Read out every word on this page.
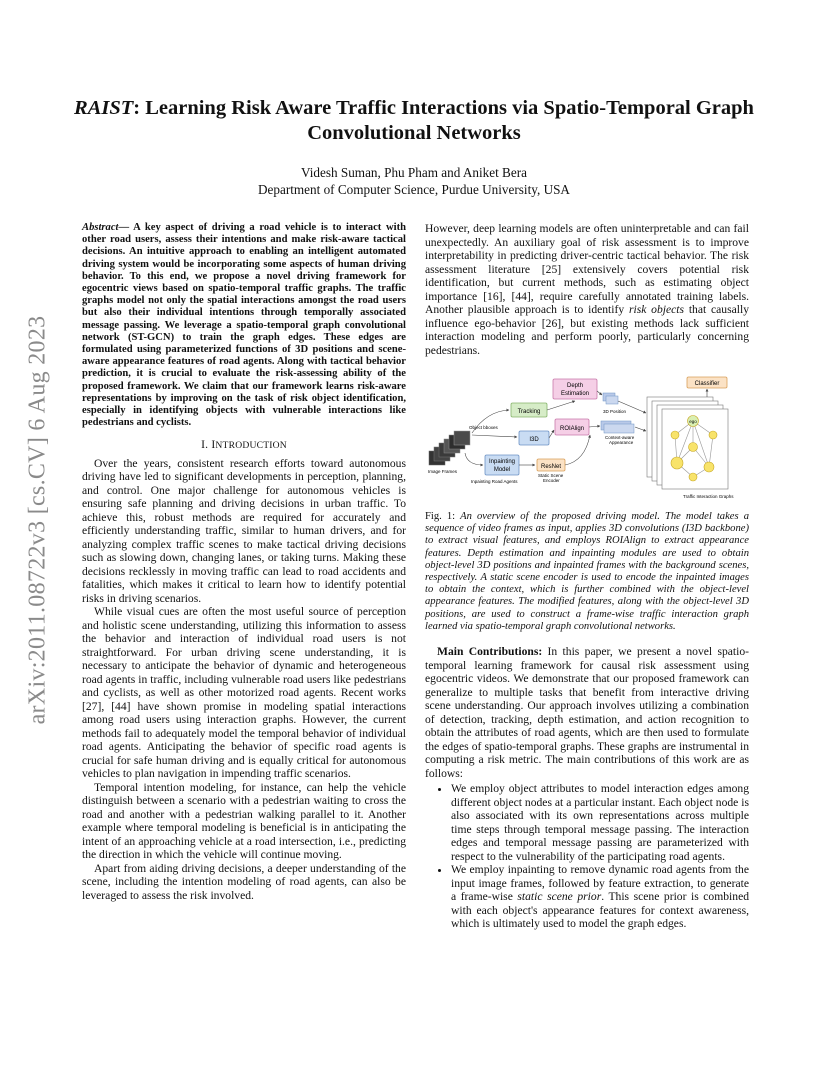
arXiv:2011.08722v3 [cs.CV] 6 Aug 2023
RAIST: Learning Risk Aware Traffic Interactions via Spatio-Temporal Graph Convolutional Networks
Videsh Suman, Phu Pham and Aniket Bera
Department of Computer Science, Purdue University, USA

Abstract— A key aspect of driving a road vehicle is to interact with other road users, assess their intentions and make risk-aware tactical decisions. An intuitive approach to enabling an intelligent automated driving system would be incorporating some aspects of human driving behavior. To this end, we propose a novel driving framework for egocentric views based on spatio-temporal traffic graphs. The traffic graphs model not only the spatial interactions amongst the road users but also their individual intentions through temporally associated message passing. We leverage a spatio-temporal graph convolutional network (ST-GCN) to train the graph edges. These edges are formulated using parameterized functions of 3D positions and scene-aware appearance features of road agents. Along with tactical behavior prediction, it is crucial to evaluate the risk-assessing ability of the proposed framework. We claim that our framework learns risk-aware representations by improving on the task of risk object identification, especially in identifying objects with vulnerable interactions like pedestrians and cyclists.

I. INTRODUCTION

Over the years, consistent research efforts toward autonomous driving have led to significant developments in perception, planning, and control. One major challenge for autonomous vehicles is ensuring safe planning and driving decisions in urban traffic. To achieve this, robust methods are required for accurately and efficiently understanding traffic, similar to human drivers, and for analyzing complex traffic scenes to make tactical driving decisions such as slowing down, changing lanes, or taking turns. Making these decisions recklessly in moving traffic can lead to road accidents and fatalities, which makes it critical to learn how to identify potential risks in driving scenarios.

While visual cues are often the most useful source of perception and holistic scene understanding, utilizing this information to assess the behavior and interaction of individual road users is not straightforward. For urban driving scene understanding, it is necessary to anticipate the behavior of dynamic and heterogeneous road agents in traffic, including vulnerable road users like pedestrians and cyclists, as well as other motorized road agents. Recent works [27], [44] have shown promise in modeling spatial interactions among road users using interaction graphs. However, the current methods fail to adequately model the temporal behavior of individual road agents. Anticipating the behavior of specific road agents is crucial for safe human driving and is equally critical for autonomous vehicles to plan navigation in impending traffic scenarios.

Temporal intention modeling, for instance, can help the vehicle distinguish between a scenario with a pedestrian waiting to cross the road and another with a pedestrian walking parallel to it. Another example where temporal modeling is beneficial is in anticipating the intent of an approaching vehicle at a road intersection, i.e., predicting the direction in which the vehicle will continue moving.

Apart from aiding driving decisions, a deeper understanding of the scene, including the intention modeling of road agents, can also be leveraged to assess the risk involved.

However, deep learning models are often uninterpretable and can fail unexpectedly. An auxiliary goal of risk assessment is to improve interpretability in predicting driver-centric tactical behavior. The risk assessment literature [25] extensively covers potential risk identification, but current methods, such as estimating object importance [16], [44], require carefully annotated training labels. Another plausible approach is to identify risk objects that causally influence ego-behavior [26], but existing methods lack sufficient interaction modeling and perform poorly, particularly concerning pedestrians.

Image Frames
Object bboxes
Depth
Estimation
Tracking	3D Position
ROIAlign
Context-aware
Appearance
I3D
Inpainting
Model
Inpainting Road Agents
ResNet
Static Scene
Encoder
ego
Classifier
Traffic Interaction Graphs

Fig. 1: An overview of the proposed driving model. The model takes a sequence of video frames as input, applies 3D convolutions (I3D backbone) to extract visual features, and employs ROIAlign to extract appearance features. Depth estimation and inpainting modules are used to obtain object-level 3D positions and inpainted frames with the background scenes, respectively. A static scene encoder is used to encode the inpainted images to obtain the context, which is further combined with the object-level appearance features. The modified features, along with the object-level 3D positions, are used to construct a frame-wise traffic interaction graph learned via spatio-temporal graph convolutional networks.

Main Contributions: In this paper, we present a novel spatio-temporal learning framework for causal risk assessment using egocentric videos. We demonstrate that our proposed framework can generalize to multiple tasks that benefit from interactive driving scene understanding. Our approach involves utilizing a combination of detection, tracking, depth estimation, and action recognition to obtain the attributes of road agents, which are then used to formulate the edges of spatio-temporal graphs. These graphs are instrumental in computing a risk metric. The main contributions of this work are as follows:

• We employ object attributes to model interaction edges among different object nodes at a particular instant. Each object node is also associated with its own representations across multiple time steps through temporal message passing. The interaction edges and temporal message passing are parameterized with respect to the vulnerability of the participating road agents.
• We employ inpainting to remove dynamic road agents from the input image frames, followed by feature extraction, to generate a frame-wise static scene prior. This scene prior is combined with each object's appearance features for context awareness, which is ultimately used to model the graph edges.
